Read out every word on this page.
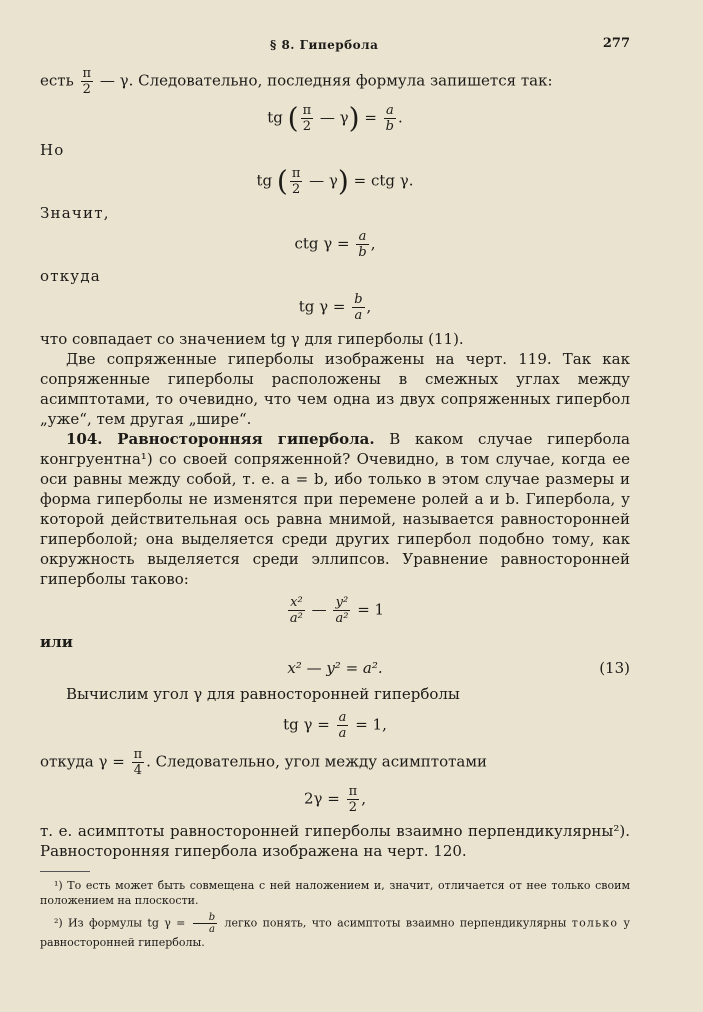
§ 8. Гипербола	277

есть $\frac{\pi}{2}$ — γ. Следовательно, последняя формула запишется так:

tg ( $\frac{\pi}{2}$ — $\gamma) = \frac{a}{b}$ .

Но

tg ( $\frac{\pi}{2}$ — γ) = ctg γ.

Значит,

ctg $\gamma = \frac{a}{b}$ ,

откуда

tg $\gamma = \frac{b}{a}$ ,

что совпадает со значением tg γ для гиперболы (11).

Две сопряженные гиперболы изображены на черт. 119. Так как сопряженные гиперболы расположены в смежных углах между асимптотами, то очевидно, что чем одна из двух сопряженных гипербол „уже“, тем другая „шире“.

104. Равносторонняя гипербола. В каком случае гипербола конгруентна¹) со своей сопряженной? Очевидно, в том случае, когда ее оси равны между собой, т. е. a = b, ибо только в этом случае размеры и форма гиперболы не изменятся при перемене ролей a и b. Гипербола, у которой действительная ось равна мнимой, называется равносторонней гиперболой; она выделяется среди других гипербол подобно тому, как окружность выделяется среди эллипсов. Уравнение равносторонней гиперболы таково:

$\frac{\text{x²}}{\text{a²}}$ — $\frac{\text{y²}}{\text{a²}} = 1$

или

x² — y² = a².	(13)

Вычислим угол γ для равносторонней гиперболы

tg $\gamma = \frac{a}{a} = 1$,

откуда $\gamma = \frac{\pi}{4}$ . Следовательно, угол между асимптотами

$2\gamma = \frac{\pi}{2}$ ,

т. е. асимптоты равносторонней гиперболы взаимно перпендикулярны²). Равносторонняя гипербола изображена на черт. 120.

¹) То есть может быть совмещена с ней наложением и, значит, отличается от нее только своим положением на плоскости.

²) Из формулы tg $\gamma = \frac{b}{a}$ легко понять, что асимптоты взаимно перпендикулярны только у равносторонней гиперболы.
